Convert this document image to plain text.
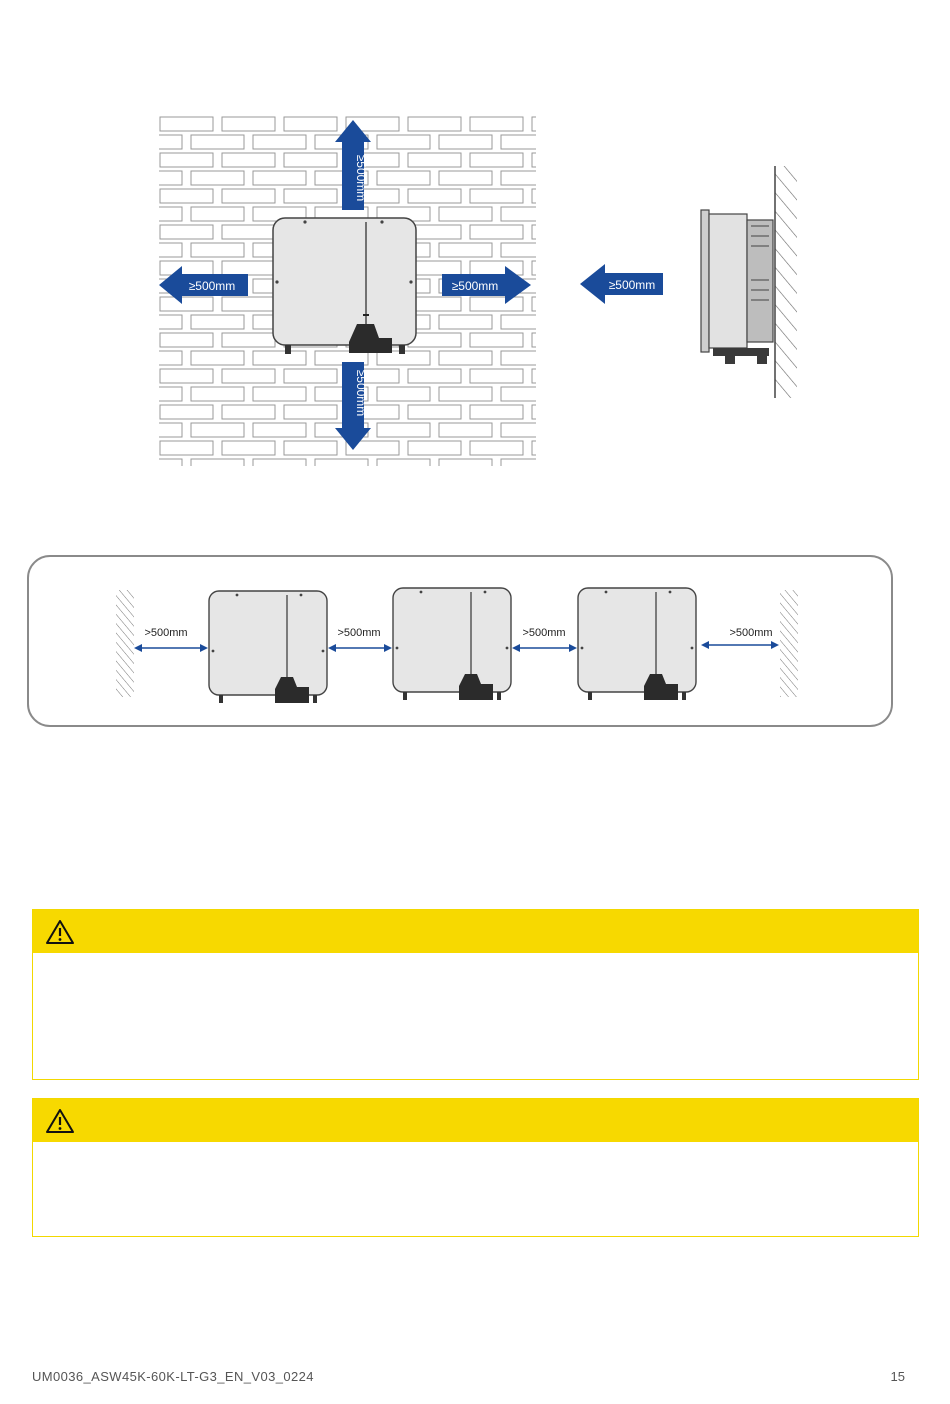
≥500mm
≥500mm
≥500mm	≥500mm	≥500mm
>500mm	>500mm	>500mm	>500mm
UM0036_ASW45K-60K-LT-G3_EN_V03_0224	15
